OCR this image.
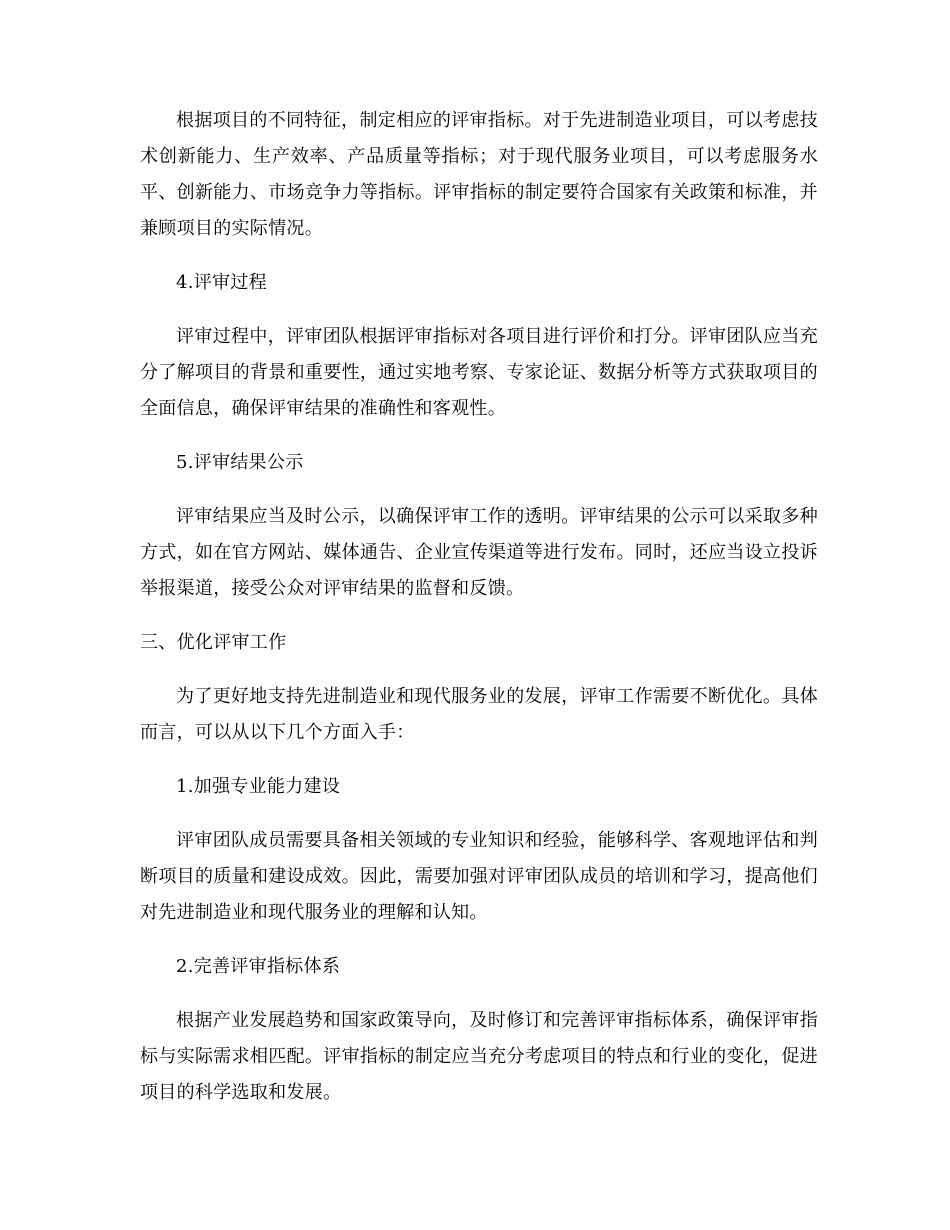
根据项目的不同特征，制定相应的评审指标。对于先进制造业项目，可以考虑技术创新能力、生产效率、产品质量等指标；对于现代服务业项目，可以考虑服务水平、创新能力、市场竞争力等指标。评审指标的制定要符合国家有关政策和标准，并兼顾项目的实际情况。

4.评审过程

评审过程中，评审团队根据评审指标对各项目进行评价和打分。评审团队应当充分了解项目的背景和重要性，通过实地考察、专家论证、数据分析等方式获取项目的全面信息，确保评审结果的准确性和客观性。

5.评审结果公示

评审结果应当及时公示，以确保评审工作的透明。评审结果的公示可以采取多种方式，如在官方网站、媒体通告、企业宣传渠道等进行发布。同时，还应当设立投诉举报渠道，接受公众对评审结果的监督和反馈。

三、优化评审工作

为了更好地支持先进制造业和现代服务业的发展，评审工作需要不断优化。具体而言，可以从以下几个方面入手：

1.加强专业能力建设

评审团队成员需要具备相关领域的专业知识和经验，能够科学、客观地评估和判断项目的质量和建设成效。因此，需要加强对评审团队成员的培训和学习，提高他们对先进制造业和现代服务业的理解和认知。

2.完善评审指标体系

根据产业发展趋势和国家政策导向，及时修订和完善评审指标体系，确保评审指标与实际需求相匹配。评审指标的制定应当充分考虑项目的特点和行业的变化，促进项目的科学选取和发展。
